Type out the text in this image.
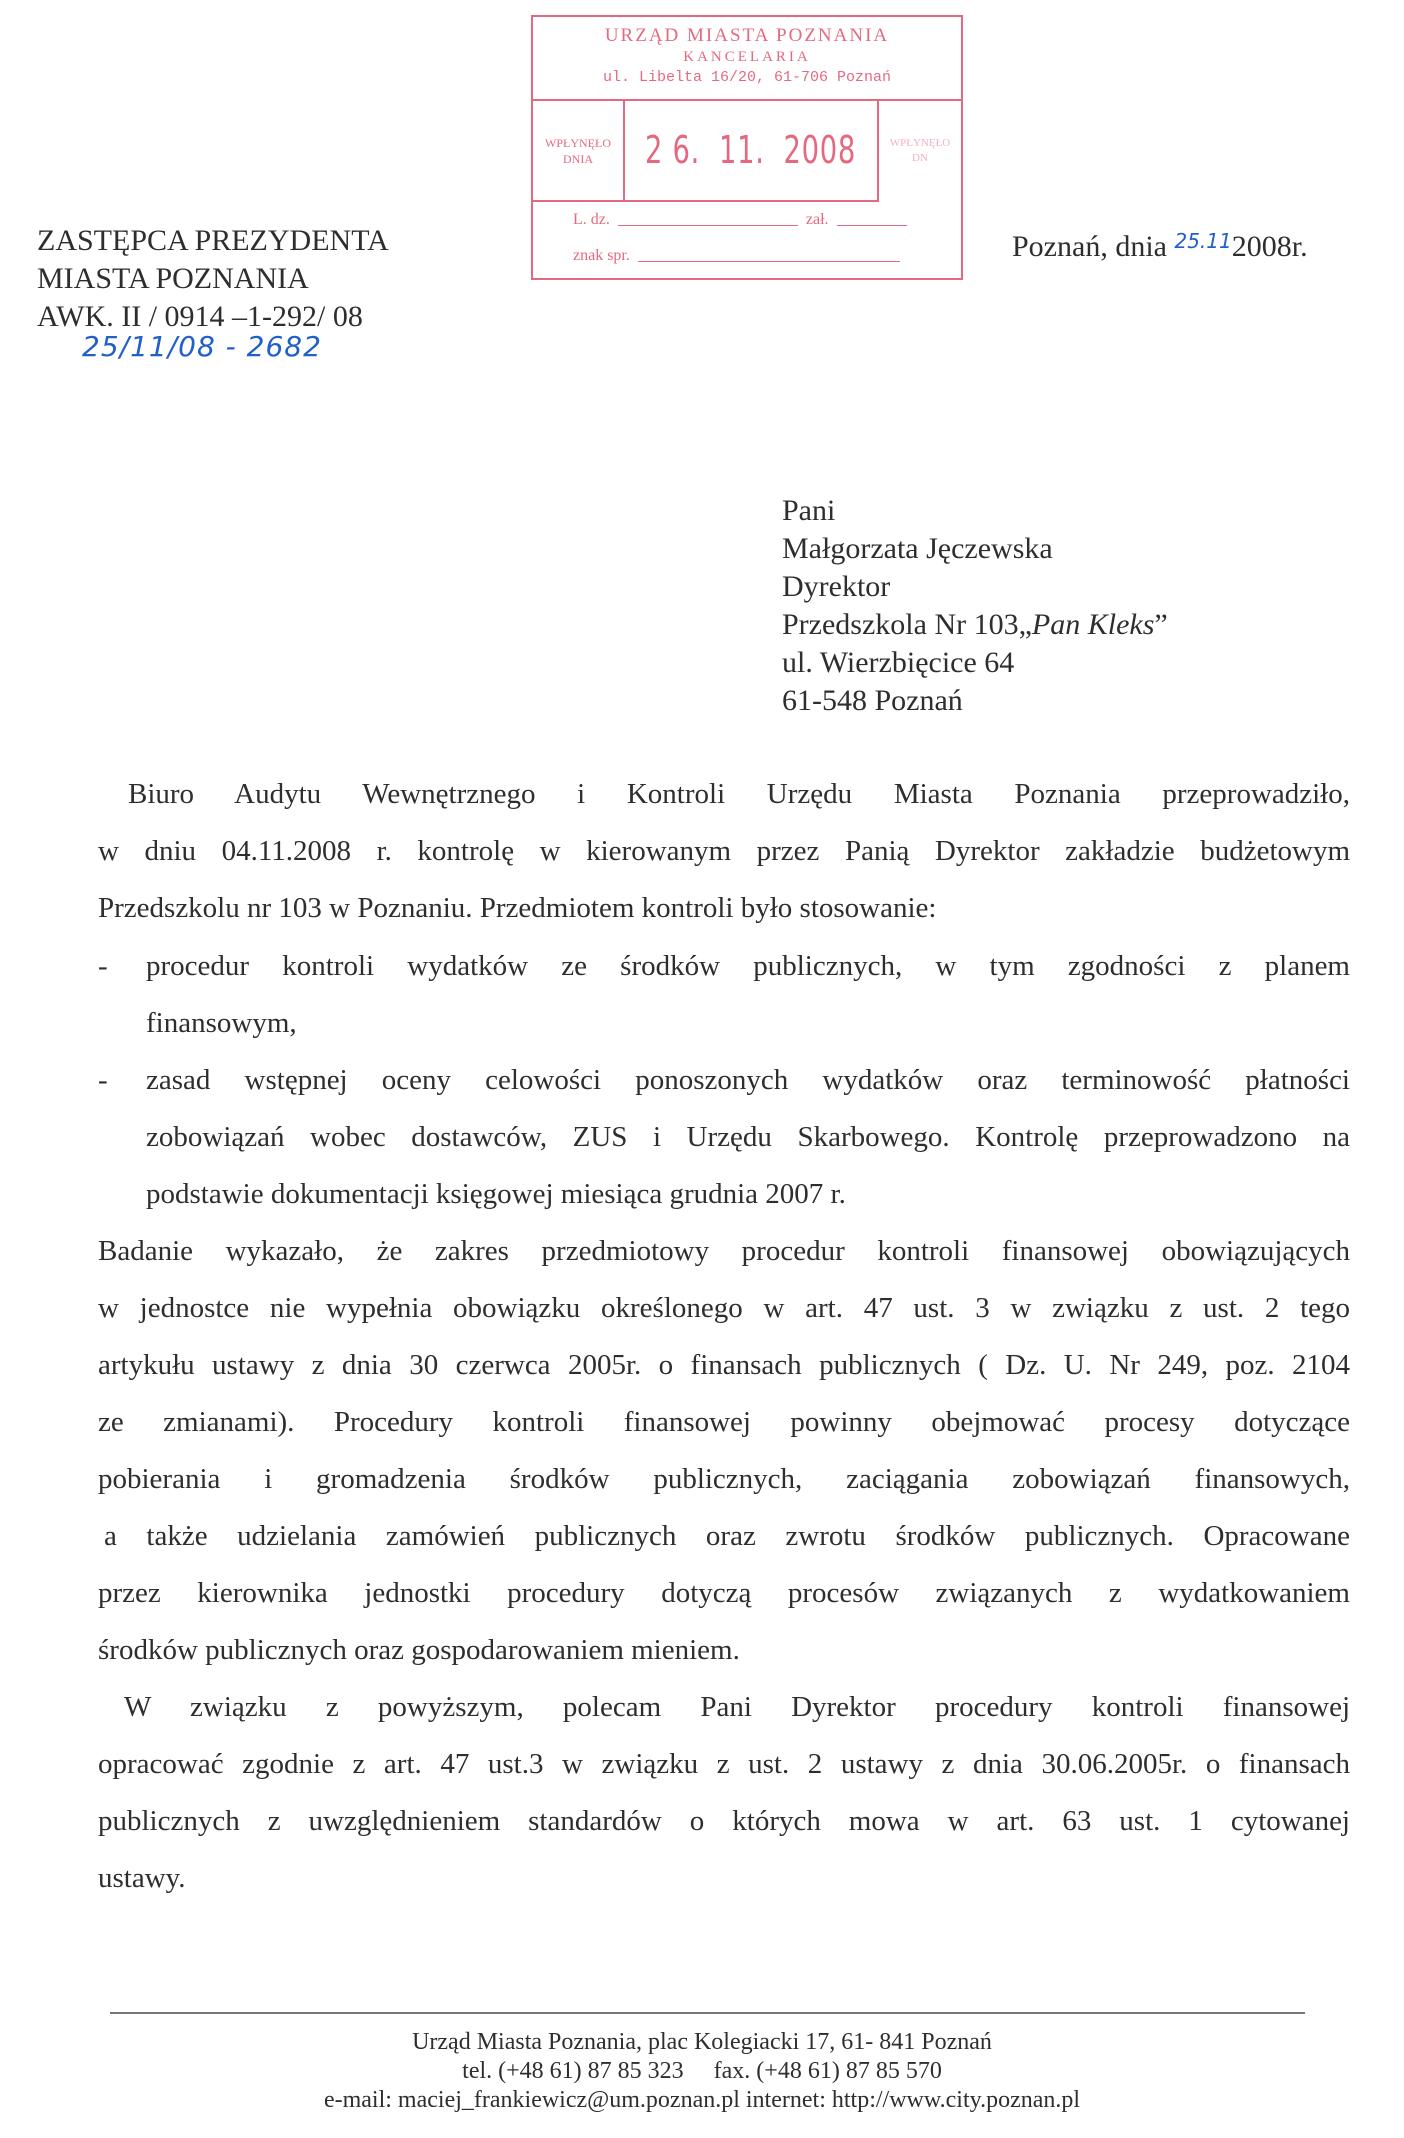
URZĄD MIASTA POZNANIA
KANCELARIA
ul. Libelta 16/20, 61-706 Poznań
WPŁYNĘŁO
DNIA	2 6.  11.  2008	WPŁYNĘŁO
DN
L. dz.	zał.
znak spr.
ZASTĘPCA PREZYDENTA
MIASTA POZNANIA
AWK. II / 0914 –1-292/ 08
25/11/08 - 2682
Poznań, dnia $^{25.11}$2008r.
Pani
Małgorzata Jęczewska
Dyrektor
Przedszkola Nr 103„Pan Kleks”
ul. Wierzbięcice 64
61-548 Poznań
Biuro Audytu Wewnętrznego i Kontroli Urzędu Miasta Poznania przeprowadziło,
w dniu 04.11.2008 r. kontrolę w kierowanym przez Panią Dyrektor zakładzie budżetowym
Przedszkolu nr 103 w Poznaniu. Przedmiotem kontroli było stosowanie:
- procedur kontroli wydatków ze środków publicznych, w tym zgodności z planem
finansowym,
- zasad wstępnej oceny celowości ponoszonych wydatków oraz terminowość płatności
zobowiązań wobec dostawców, ZUS i Urzędu Skarbowego. Kontrolę przeprowadzono na
podstawie dokumentacji księgowej miesiąca grudnia 2007 r.
Badanie wykazało, że zakres przedmiotowy procedur kontroli finansowej obowiązujących
w jednostce nie wypełnia obowiązku określonego w art. 47 ust. 3 w związku z ust. 2 tego
artykułu ustawy z dnia 30 czerwca 2005r. o finansach publicznych ( Dz. U. Nr 249, poz. 2104
ze zmianami). Procedury kontroli finansowej powinny obejmować procesy dotyczące
pobierania i gromadzenia środków publicznych, zaciągania zobowiązań finansowych,
a także udzielania zamówień publicznych oraz zwrotu środków publicznych. Opracowane
przez kierownika jednostki procedury dotyczą procesów związanych z wydatkowaniem
środków publicznych oraz gospodarowaniem mieniem.
W związku z powyższym, polecam Pani Dyrektor procedury kontroli finansowej
opracować zgodnie z art. 47 ust.3 w związku z ust. 2 ustawy z dnia 30.06.2005r. o finansach
publicznych z uwzględnieniem standardów o których mowa w art. 63 ust. 1 cytowanej
ustawy.
Urząd Miasta Poznania, plac Kolegiacki 17, 61- 841 Poznań
tel. (+48 61) 87 85 323     fax. (+48 61) 87 85 570
e-mail: maciej_frankiewicz@um.poznan.pl internet: http://www.city.poznan.pl
